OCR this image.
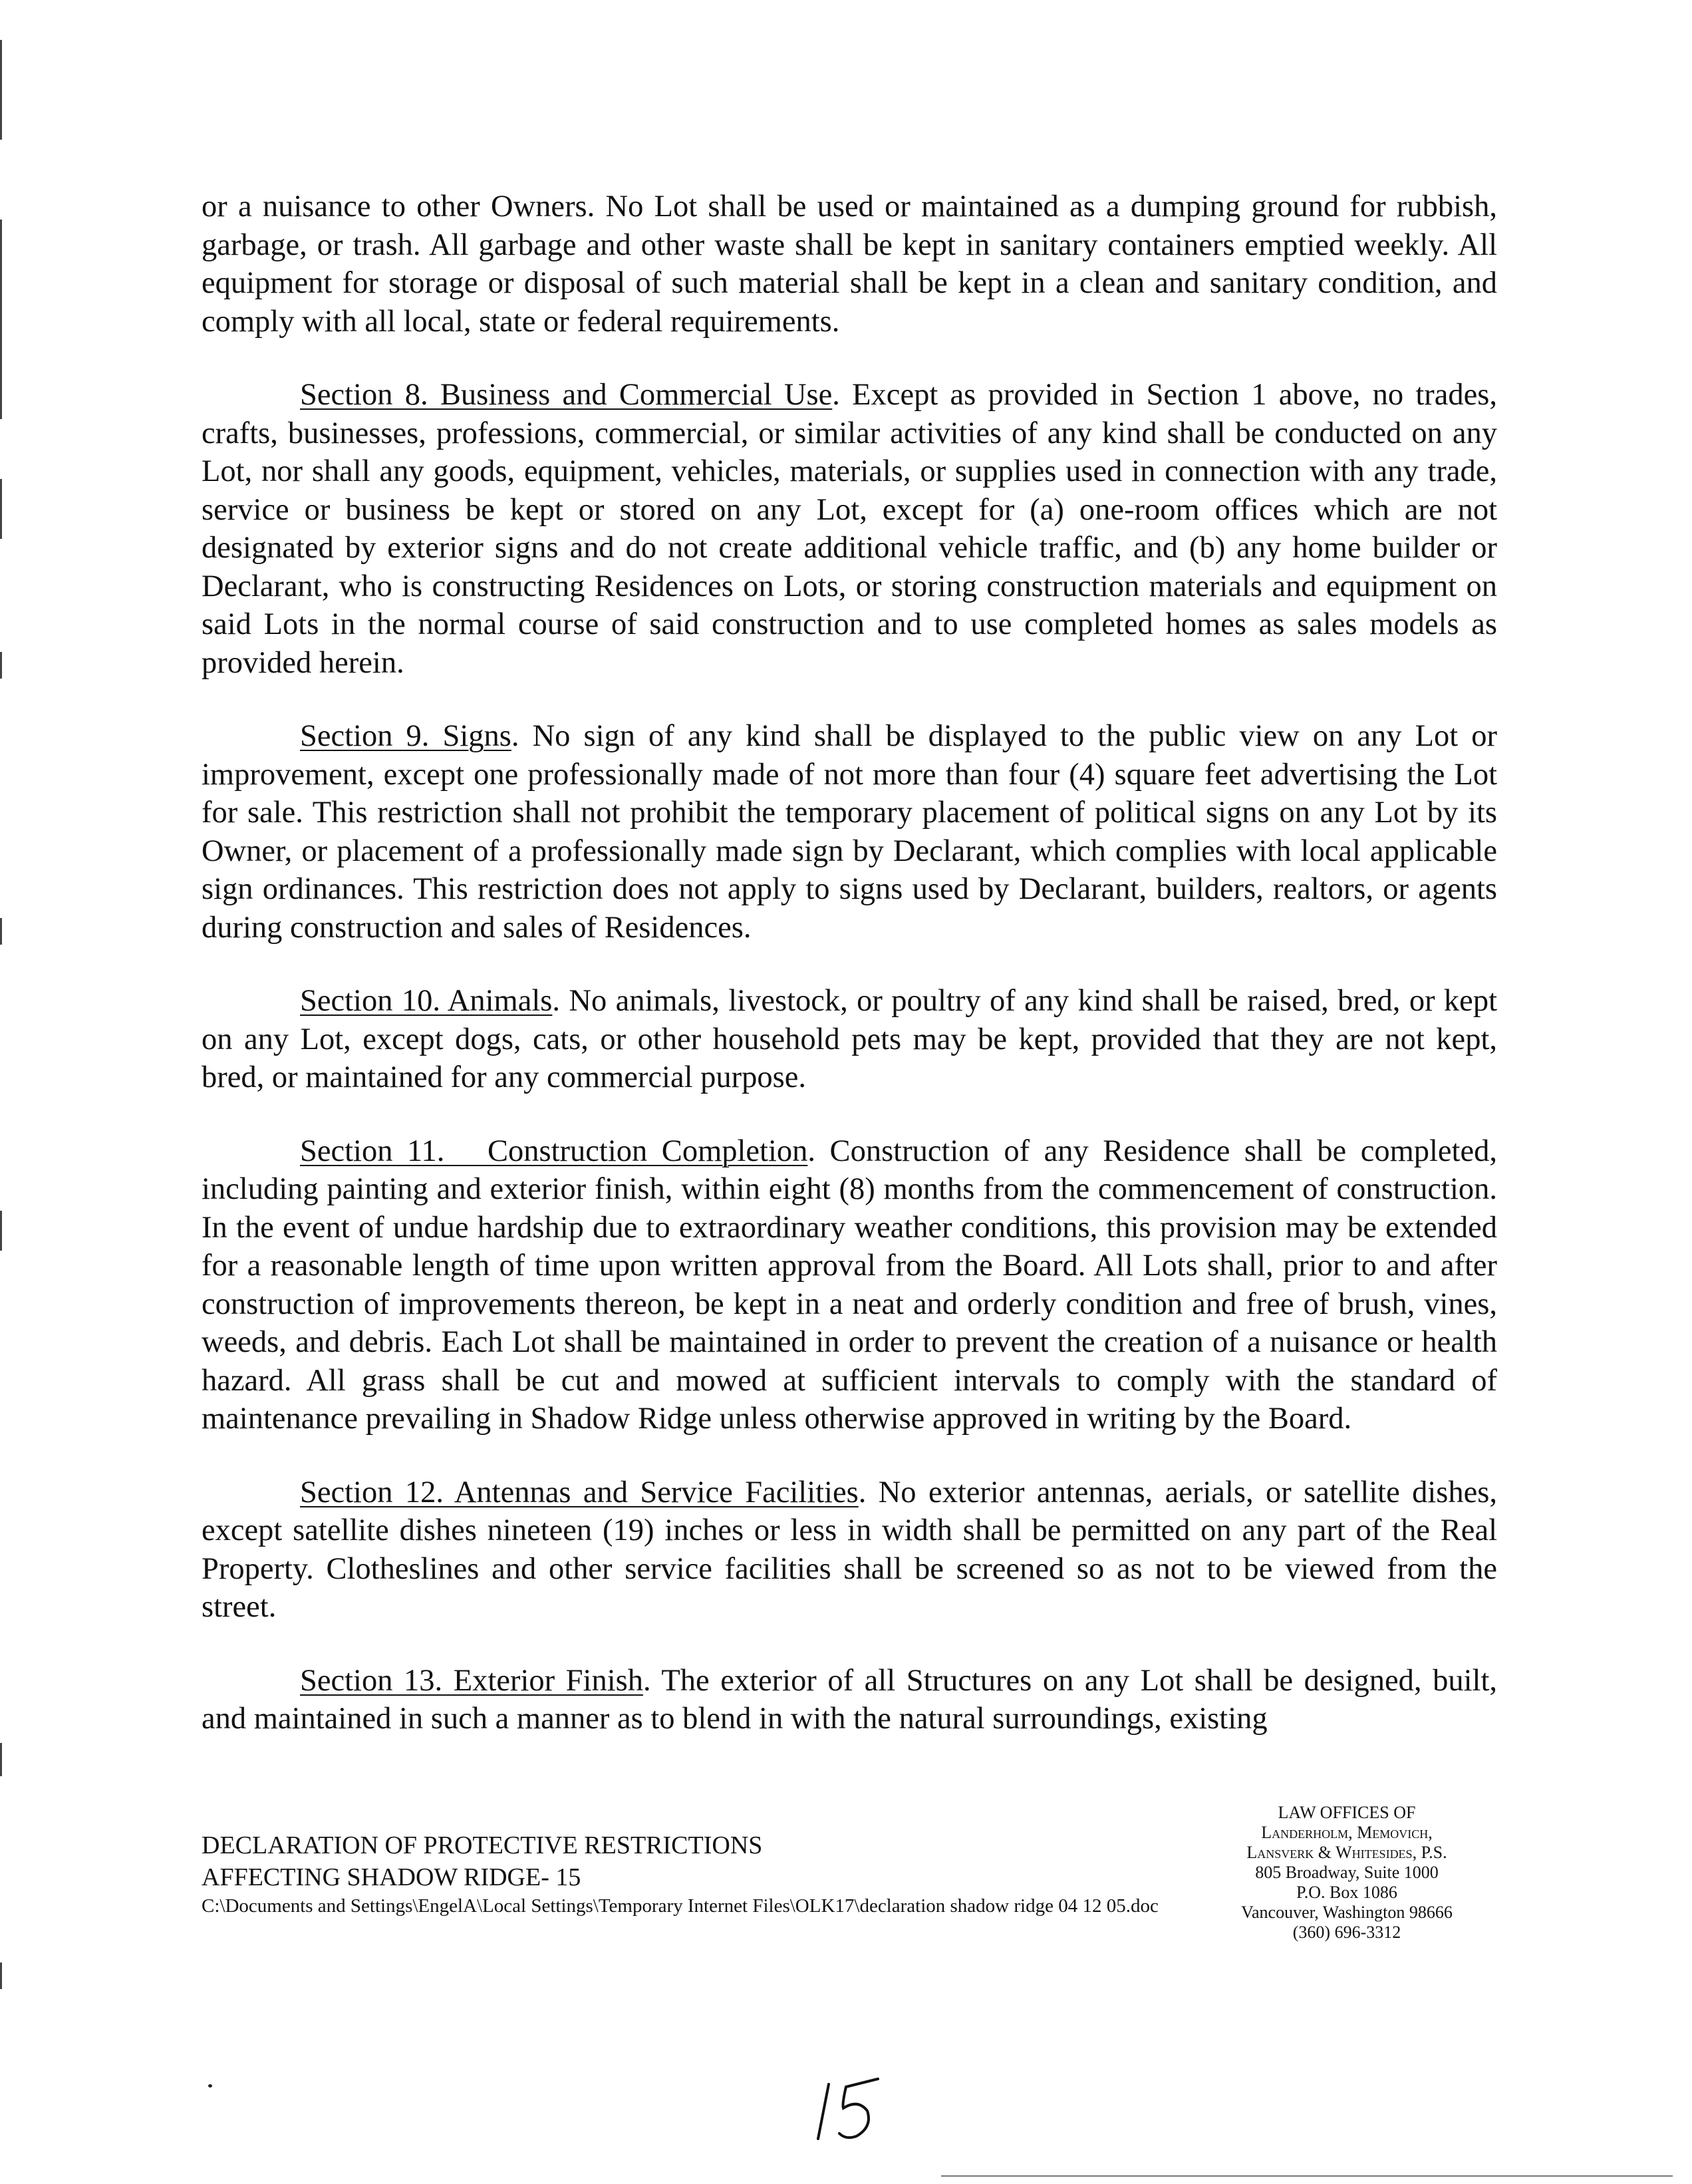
or a nuisance to other Owners. No Lot shall be used or maintained as a dumping ground for rubbish, garbage, or trash. All garbage and other waste shall be kept in sanitary containers emptied weekly. All equipment for storage or disposal of such material shall be kept in a clean and sanitary condition, and comply with all local, state or federal requirements.

Section 8. Business and Commercial Use. Except as provided in Section 1 above, no trades, crafts, businesses, professions, commercial, or similar activities of any kind shall be conducted on any Lot, nor shall any goods, equipment, vehicles, materials, or supplies used in connection with any trade, service or business be kept or stored on any Lot, except for (a) one-room offices which are not designated by exterior signs and do not create additional vehicle traffic, and (b) any home builder or Declarant, who is constructing Residences on Lots, or storing construction materials and equipment on said Lots in the normal course of said construction and to use completed homes as sales models as provided herein.

Section 9. Signs. No sign of any kind shall be displayed to the public view on any Lot or improvement, except one professionally made of not more than four (4) square feet advertising the Lot for sale. This restriction shall not prohibit the temporary placement of political signs on any Lot by its Owner, or placement of a professionally made sign by Declarant, which complies with local applicable sign ordinances. This restriction does not apply to signs used by Declarant, builders, realtors, or agents during construction and sales of Residences.

Section 10. Animals. No animals, livestock, or poultry of any kind shall be raised, bred, or kept on any Lot, except dogs, cats, or other household pets may be kept, provided that they are not kept, bred, or maintained for any commercial purpose.

Section 11.   Construction Completion. Construction of any Residence shall be completed, including painting and exterior finish, within eight (8) months from the commencement of construction. In the event of undue hardship due to extraordinary weather conditions, this provision may be extended for a reasonable length of time upon written approval from the Board. All Lots shall, prior to and after construction of improvements thereon, be kept in a neat and orderly condition and free of brush, vines, weeds, and debris. Each Lot shall be maintained in order to prevent the creation of a nuisance or health hazard. All grass shall be cut and mowed at sufficient intervals to comply with the standard of maintenance prevailing in Shadow Ridge unless otherwise approved in writing by the Board.

Section 12. Antennas and Service Facilities. No exterior antennas, aerials, or satellite dishes, except satellite dishes nineteen (19) inches or less in width shall be permitted on any part of the Real Property. Clotheslines and other service facilities shall be screened so as not to be viewed from the street.

Section 13. Exterior Finish. The exterior of all Structures on any Lot shall be designed, built, and maintained in such a manner as to blend in with the natural surroundings, existing

DECLARATION OF PROTECTIVE RESTRICTIONS
AFFECTING SHADOW RIDGE- 15
C:\Documents and Settings\EngelA\Local Settings\Temporary Internet Files\OLK17\declaration shadow ridge 04 12 05.doc
LAW OFFICES OF
Landerholm, Memovich,
Lansverk & Whitesides, P.S.
805 Broadway, Suite 1000
P.O. Box 1086
Vancouver, Washington 98666
(360) 696-3312
